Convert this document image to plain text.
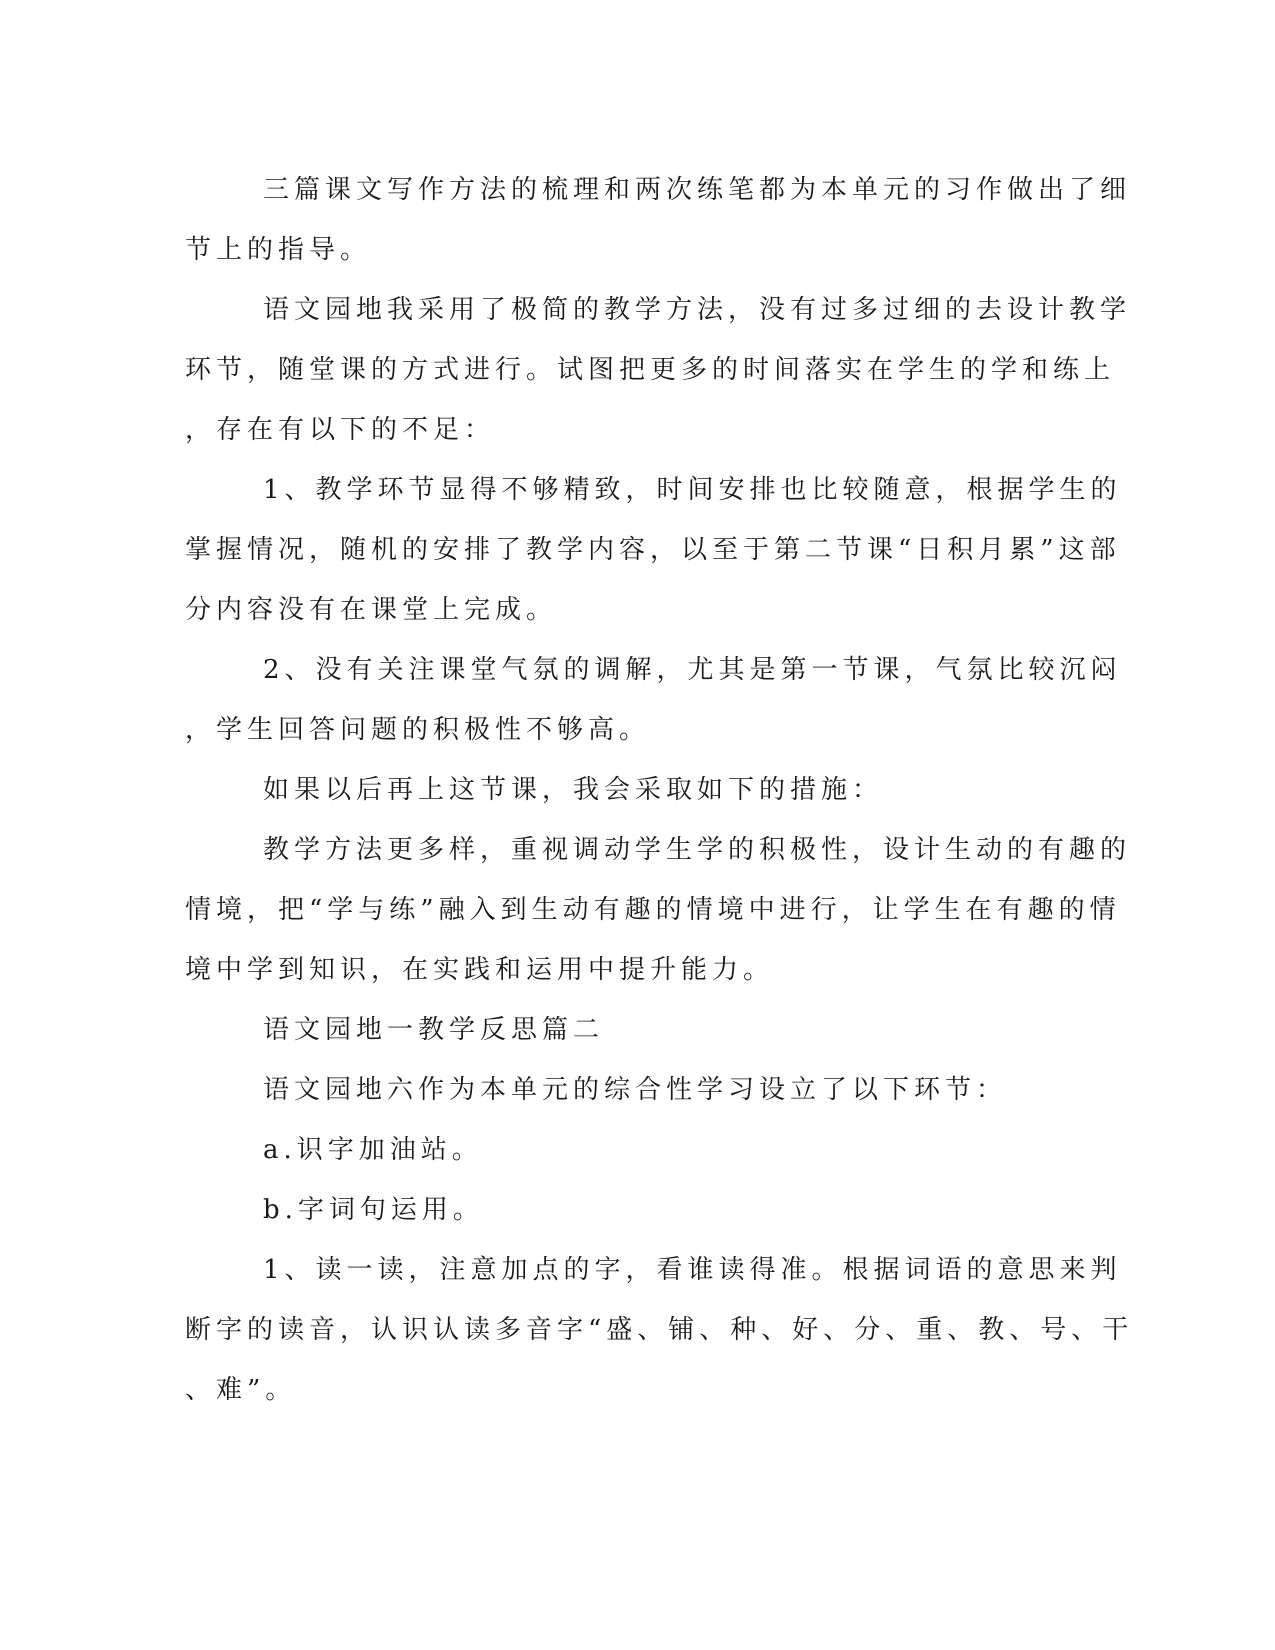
三篇课文写作方法的梳理和两次练笔都为本单元的习作做出了细
节上的指导。
语文园地我采用了极简的教学方法，没有过多过细的去设计教学
环节，随堂课的方式进行。试图把更多的时间落实在学生的学和练上
，存在有以下的不足：
1、教学环节显得不够精致，时间安排也比较随意，根据学生的
掌握情况，随机的安排了教学内容，以至于第二节课“日积月累”这部
分内容没有在课堂上完成。
2、没有关注课堂气氛的调解，尤其是第一节课，气氛比较沉闷
，学生回答问题的积极性不够高。
如果以后再上这节课，我会采取如下的措施：
教学方法更多样，重视调动学生学的积极性，设计生动的有趣的
情境，把“学与练”融入到生动有趣的情境中进行，让学生在有趣的情
境中学到知识，在实践和运用中提升能力。
语文园地一教学反思篇二
语文园地六作为本单元的综合性学习设立了以下环节：
a.识字加油站。
b.字词句运用。
1、读一读，注意加点的字，看谁读得准。根据词语的意思来判
断字的读音，认识认读多音字“盛、铺、种、好、分、重、教、号、干
、难”。
